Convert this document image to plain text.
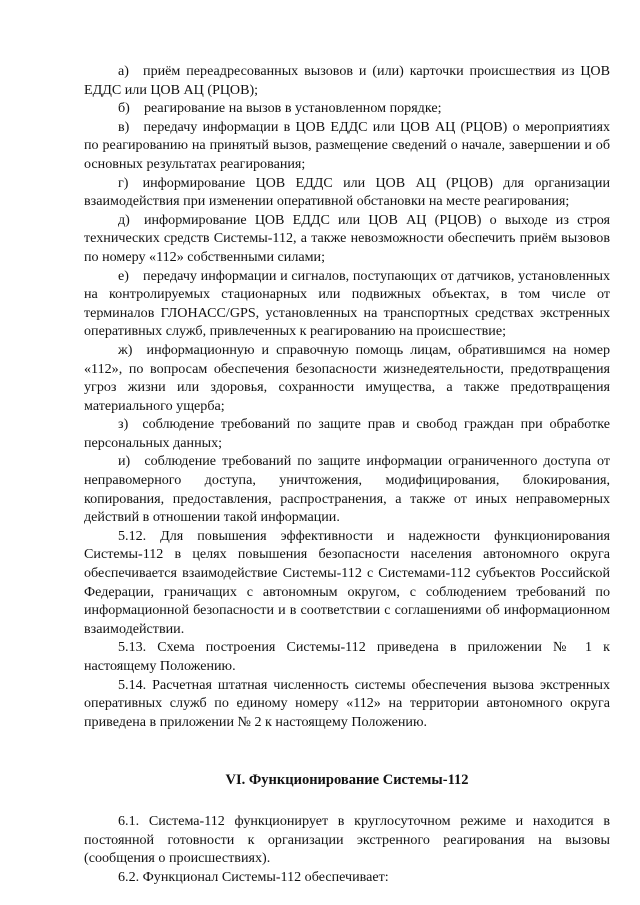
а) приём переадресованных вызовов и (или) карточки происшествия из ЦОВ ЕДДС или ЦОВ АЦ (РЦОВ);

б) реагирование на вызов в установленном порядке;

в) передачу информации в ЦОВ ЕДДС или ЦОВ АЦ (РЦОВ) о мероприятиях по реагированию на принятый вызов, размещение сведений о начале, завершении и об основных результатах реагирования;

г) информирование ЦОВ ЕДДС или ЦОВ АЦ (РЦОВ) для организации взаимодействия при изменении оперативной обстановки на месте реагирования;

д) информирование ЦОВ ЕДДС или ЦОВ АЦ (РЦОВ) о выходе из строя технических средств Системы-112, а также невозможности обеспечить приём вызовов по номеру «112» собственными силами;

е) передачу информации и сигналов, поступающих от датчиков, установленных на контролируемых стационарных или подвижных объектах, в том числе от терминалов ГЛОНАСС/GPS, установленных на транспортных средствах экстренных оперативных служб, привлеченных к реагированию на происшествие;

ж) информационную и справочную помощь лицам, обратившимся на номер «112», по вопросам обеспечения безопасности жизнедеятельности, предотвращения угроз жизни или здоровья, сохранности имущества, а также предотвращения материального ущерба;

з) соблюдение требований по защите прав и свобод граждан при обработке персональных данных;

и) соблюдение требований по защите информации ограниченного доступа от неправомерного доступа, уничтожения, модифицирования, блокирования, копирования, предоставления, распространения, а также от иных неправомерных действий в отношении такой информации.

5.12. Для повышения эффективности и надежности функционирования Системы-112 в целях повышения безопасности населения автономного округа обеспечивается взаимодействие Системы-112 с Системами-112 субъектов Российской Федерации, граничащих с автономным округом, с соблюдением требований по информационной безопасности и в соответствии с соглашениями об информационном взаимодействии.

5.13. Схема построения Системы-112 приведена в приложении № 1 к настоящему Положению.

5.14. Расчетная штатная численность системы обеспечения вызова экстренных оперативных служб по единому номеру «112» на территории автономного округа приведена в приложении № 2 к настоящему Положению.

VI. Функционирование Системы-112

6.1. Система-112 функционирует в круглосуточном режиме и находится в постоянной готовности к организации экстренного реагирования на вызовы (сообщения о происшествиях).

6.2. Функционал Системы-112 обеспечивает:
